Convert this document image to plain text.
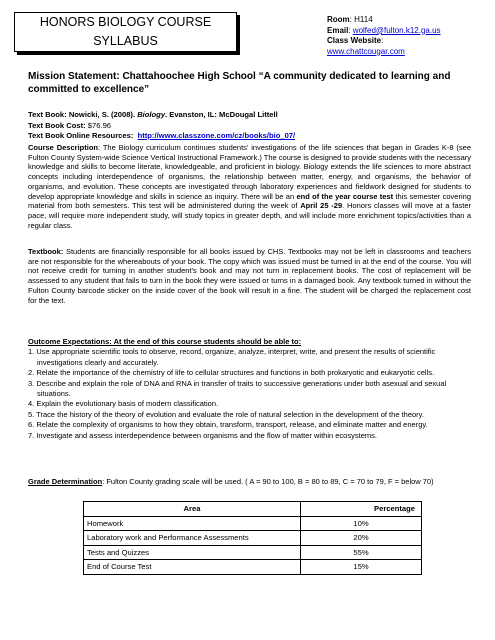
HONORS BIOLOGY COURSE
SYLLABUS
Room: H114
Email: wolfed@fulton.k12.ga.us
Class Website:
www.chattcougar.com
Mission Statement: Chattahoochee High School “A community dedicated to learning and committed to excellence”
Text Book: Nowicki, S. (2008). Biology. Evanston, IL: McDougal Littell
Text Book Cost: $76.96
Text Book Online Resources: http://www.classzone.com/cz/books/bio_07/
Course Description: The Biology curriculum continues students’ investigations of the life sciences that began in Grades K-8 (see Fulton County System-wide Science Vertical Instructional Framework.) The course is designed to provide students with the necessary knowledge and skills to become literate, knowledgeable, and proficient in biology. Biology extends the life sciences to more abstract concepts including interdependence of organisms, the relationship between matter, energy, and organisms, the behavior of organisms, and evolution. These concepts are investigated through laboratory experiences and fieldwork designed for students to develop appropriate knowledge and skills in science as inquiry. There will be an end of the year course test this semester covering material from both semesters. This test will be administered during the week of April 25 -29. Honors classes will move at a faster pace, will require more independent study, will study topics in greater depth, and will include more enrichment topics/activities than a regular class.
Textbook: Students are financially responsible for all books issued by CHS. Textbooks may not be left in classrooms and teachers are not responsible for the whereabouts of your book. The copy which was issued must be turned in at the end of the course. You will not receive credit for turning in another student's book and may not turn in replacement books. The cost of replacement will be assessed to any student that fails to turn in the book they were issued or turns in a damaged book. Any textbook turned in without the Fulton County barcode sticker on the inside cover of the book will result in a fine. The student will be charged the replacement cost for the text.
Outcome Expectations: At the end of this course students should be able to:
1. Use appropriate scientific tools to observe, record, organize, analyze, interpret, write, and present the results of scientific investigations clearly and accurately.
2. Relate the importance of the chemistry of life to cellular structures and functions in both prokaryotic and eukaryotic cells.
3. Describe and explain the role of DNA and RNA in transfer of traits to successive generations under both asexual and sexual situations.
4. Explain the evolutionary basis of modern classification.
5. Trace the history of the theory of evolution and evaluate the role of natural selection in the development of the theory.
6. Relate the complexity of organisms to how they obtain, transform, transport, release, and eliminate matter and energy.
7. Investigate and assess interdependence between organisms and the flow of matter within ecosystems.
Grade Determination: Fulton County grading scale will be used. ( A = 90 to 100, B = 80 to 89, C = 70 to 79, F = below 70)
Area	Percentage
Homework	10%
Laboratory work and Performance Assessments	20%
Tests and Quizzes	55%
End of Course Test	15%
